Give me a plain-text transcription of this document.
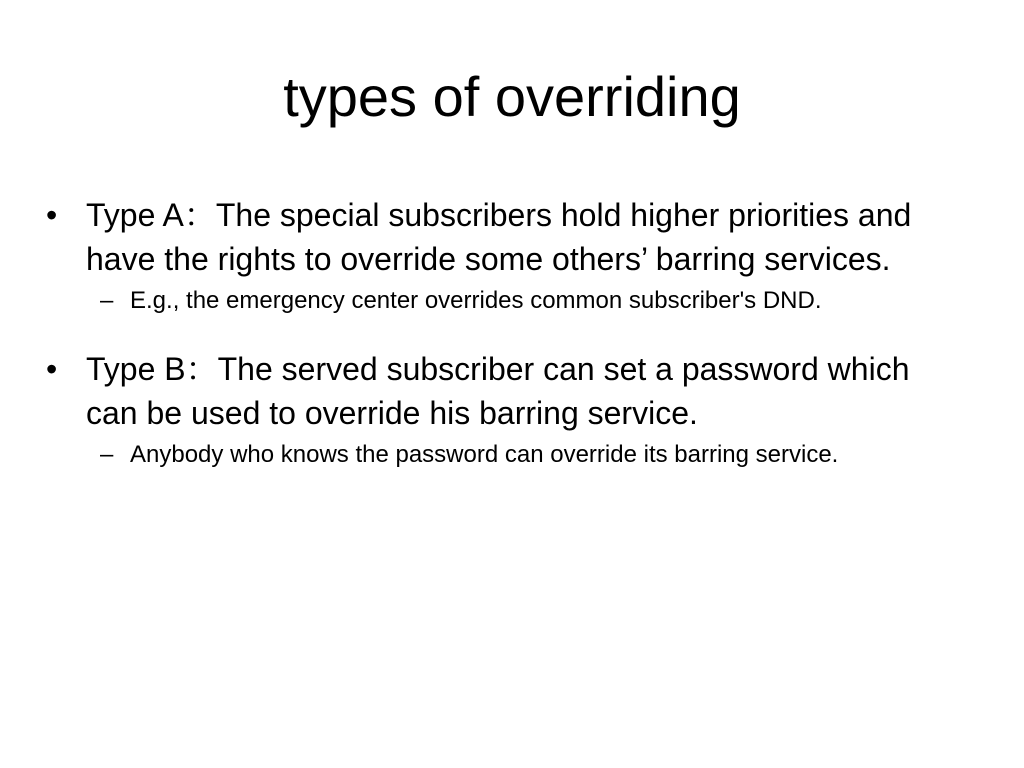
types of overriding
• Type A：The special subscribers hold higher priorities and have the rights to override some others’ barring services.
– E.g., the emergency center overrides common subscriber's DND.
• Type B：The served subscriber can set a password which can be used to override his barring service.
– Anybody who knows the password can override its barring service.
